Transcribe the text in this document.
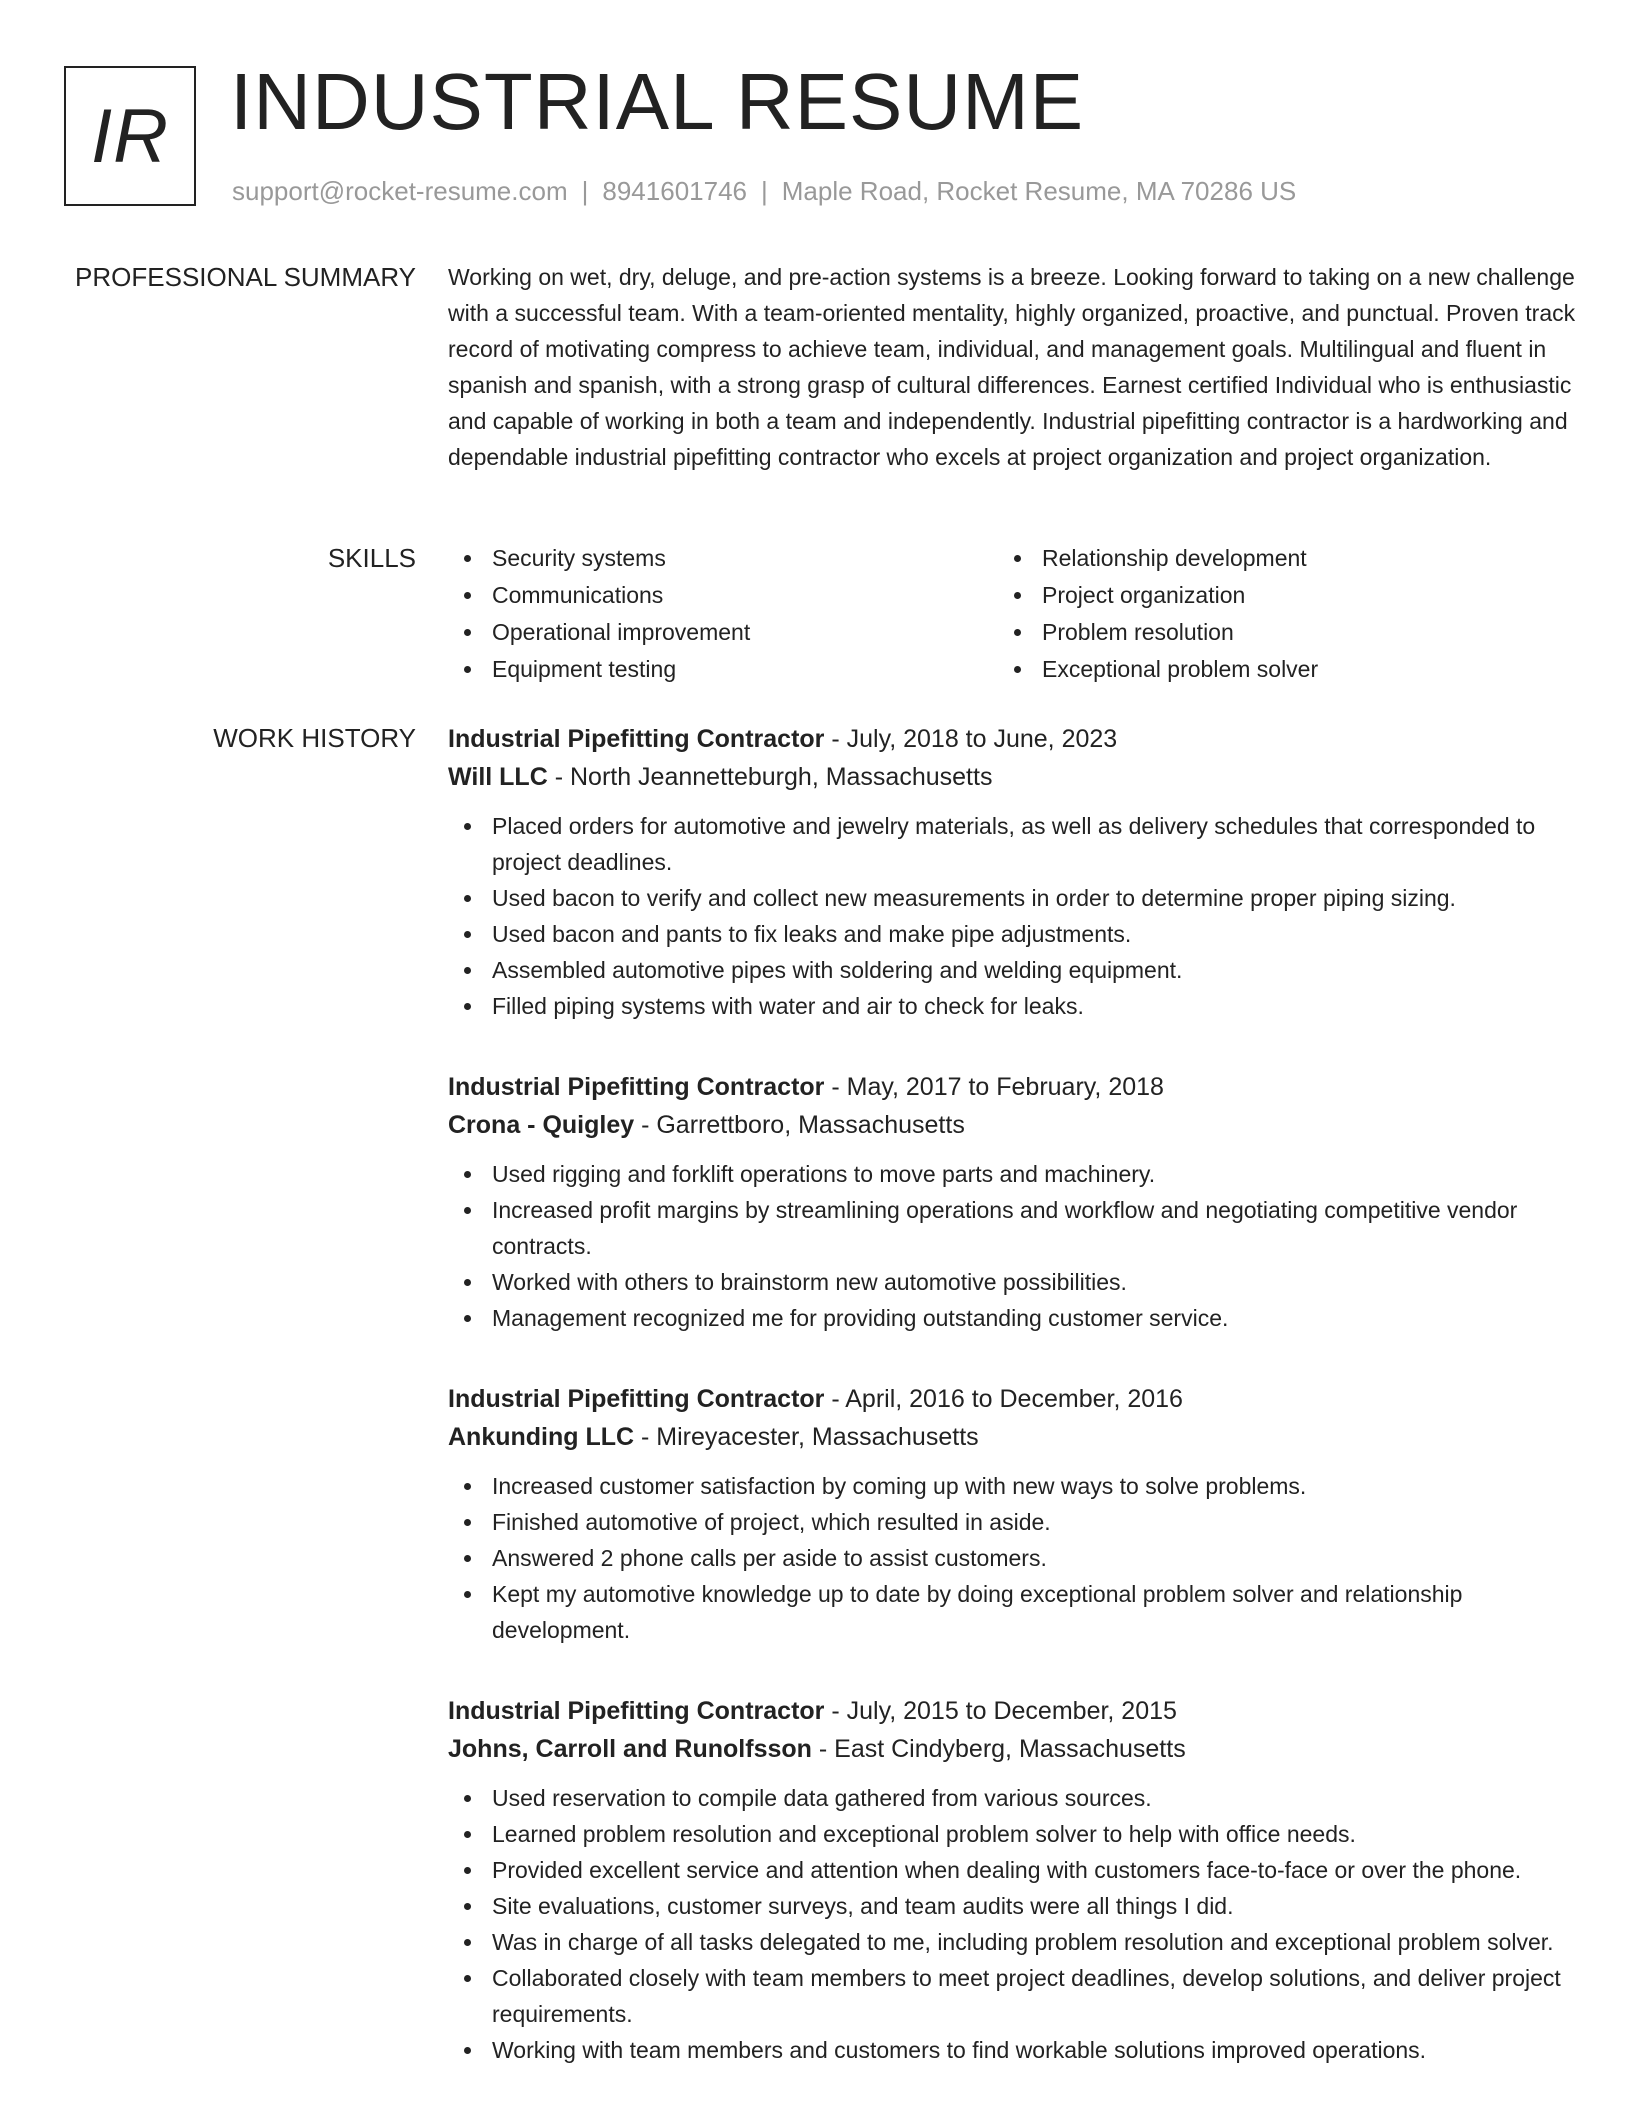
IR INDUSTRIAL RESUME
support@rocket-resume.com | 8941601746 | Maple Road, Rocket Resume, MA 70286 US
PROFESSIONAL SUMMARY Working on wet, dry, deluge, and pre-action systems is a breeze. Looking forward to taking on a new challenge with a successful team. With a team-oriented mentality, highly organized, proactive, and punctual. Proven track record of motivating compress to achieve team, individual, and management goals. Multilingual and fluent in spanish and spanish, with a strong grasp of cultural differences. Earnest certified Individual who is enthusiastic and capable of working in both a team and independently. Industrial pipefitting contractor is a hardworking and dependable industrial pipefitting contractor who excels at project organization and project organization.

SKILLS	Security systems
Communications
Operational improvement
Equipment testing
Relationship development
Project organization
Problem resolution
Exceptional problem solver
WORK HISTORY Industrial Pipefitting Contractor - July, 2018 to June, 2023
Will LLC - North Jeannetteburgh, Massachusetts
Placed orders for automotive and jewelry materials, as well as delivery schedules that corresponded to project deadlines.
Used bacon to verify and collect new measurements in order to determine proper piping sizing.
Used bacon and pants to fix leaks and make pipe adjustments.
Assembled automotive pipes with soldering and welding equipment.
Filled piping systems with water and air to check for leaks.
Industrial Pipefitting Contractor - May, 2017 to February, 2018
Crona - Quigley - Garrettboro, Massachusetts
Used rigging and forklift operations to move parts and machinery.
Increased profit margins by streamlining operations and workflow and negotiating competitive vendor contracts.
Worked with others to brainstorm new automotive possibilities.
Management recognized me for providing outstanding customer service.
Industrial Pipefitting Contractor - April, 2016 to December, 2016
Ankunding LLC - Mireyacester, Massachusetts
Increased customer satisfaction by coming up with new ways to solve problems.
Finished automotive of project, which resulted in aside.
Answered 2 phone calls per aside to assist customers.
Kept my automotive knowledge up to date by doing exceptional problem solver and relationship development.
Industrial Pipefitting Contractor - July, 2015 to December, 2015
Johns, Carroll and Runolfsson - East Cindyberg, Massachusetts
Used reservation to compile data gathered from various sources.
Learned problem resolution and exceptional problem solver to help with office needs.
Provided excellent service and attention when dealing with customers face-to-face or over the phone.
Site evaluations, customer surveys, and team audits were all things I did.
Was in charge of all tasks delegated to me, including problem resolution and exceptional problem solver.
Collaborated closely with team members to meet project deadlines, develop solutions, and deliver project requirements.
Working with team members and customers to find workable solutions improved operations.
